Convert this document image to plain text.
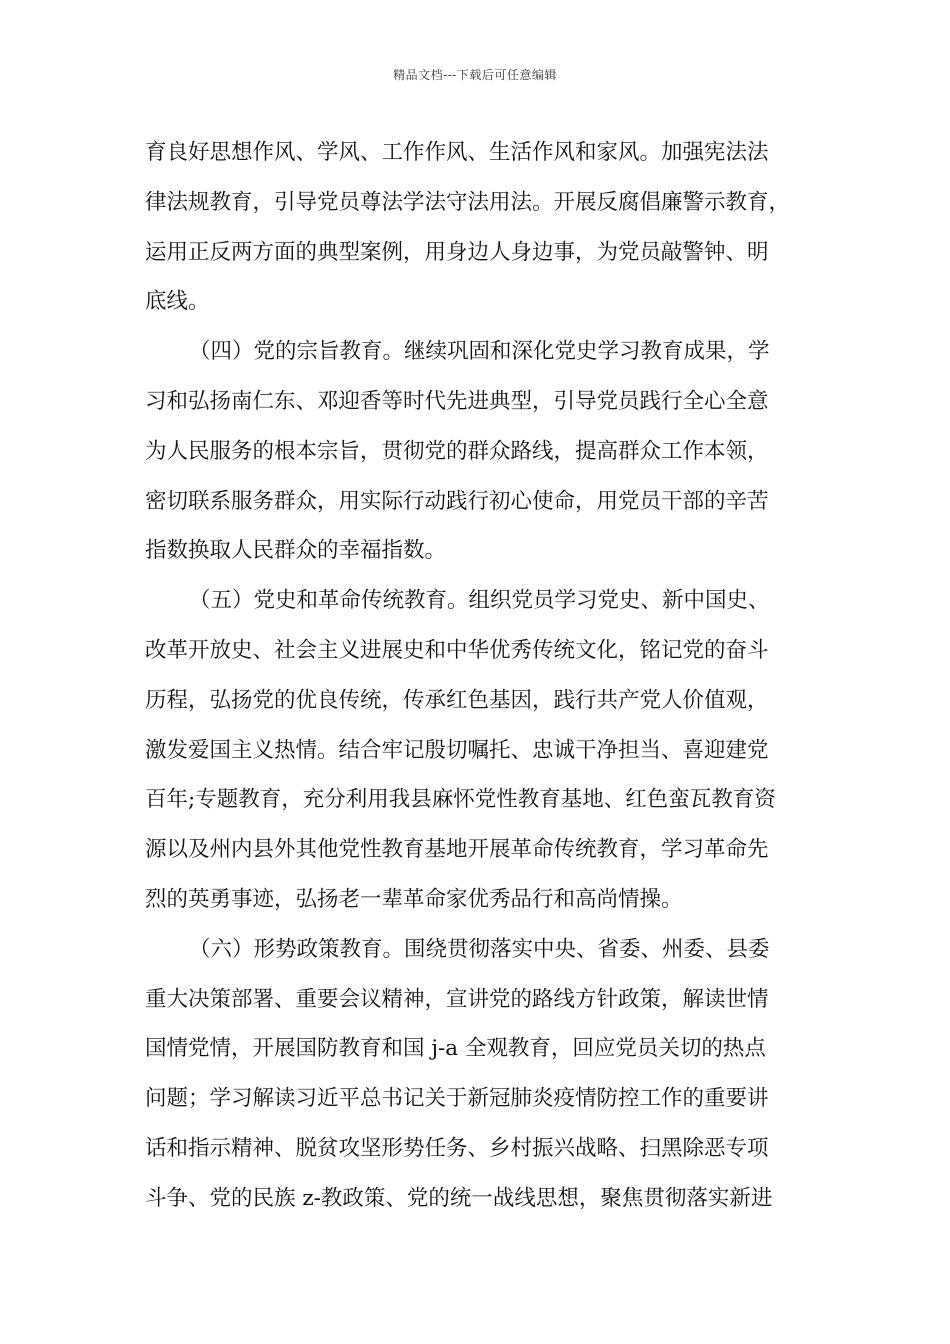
精品文档---下载后可任意编辑
育良好思想作风、学风、工作作风、生活作风和家风。加强宪法法
律法规教育，引导党员尊法学法守法用法。开展反腐倡廉警示教育，
运用正反两方面的典型案例，用身边人身边事，为党员敲警钟、明
底线。
（四）党的宗旨教育。继续巩固和深化党史学习教育成果，学
习和弘扬南仁东、邓迎香等时代先进典型，引导党员践行全心全意
为人民服务的根本宗旨，贯彻党的群众路线，提高群众工作本领，
密切联系服务群众，用实际行动践行初心使命，用党员干部的辛苦
指数换取人民群众的幸福指数。
（五）党史和革命传统教育。组织党员学习党史、新中国史、
改革开放史、社会主义进展史和中华优秀传统文化，铭记党的奋斗
历程，弘扬党的优良传统，传承红色基因，践行共产党人价值观，
激发爱国主义热情。结合牢记殷切嘱托、忠诚干净担当、喜迎建党
百年;专题教育，充分利用我县麻怀党性教育基地、红色蛮瓦教育资
源以及州内县外其他党性教育基地开展革命传统教育，学习革命先
烈的英勇事迹，弘扬老一辈革命家优秀品行和高尚情操。
（六）形势政策教育。围绕贯彻落实中央、省委、州委、县委
重大决策部署、重要会议精神，宣讲党的路线方针政策，解读世情
国情党情，开展国防教育和国 j-a 全观教育，回应党员关切的热点
问题；学习解读习近平总书记关于新冠肺炎疫情防控工作的重要讲
话和指示精神、脱贫攻坚形势任务、乡村振兴战略、扫黑除恶专项
斗争、党的民族 z-教政策、党的统一战线思想，聚焦贯彻落实新进
